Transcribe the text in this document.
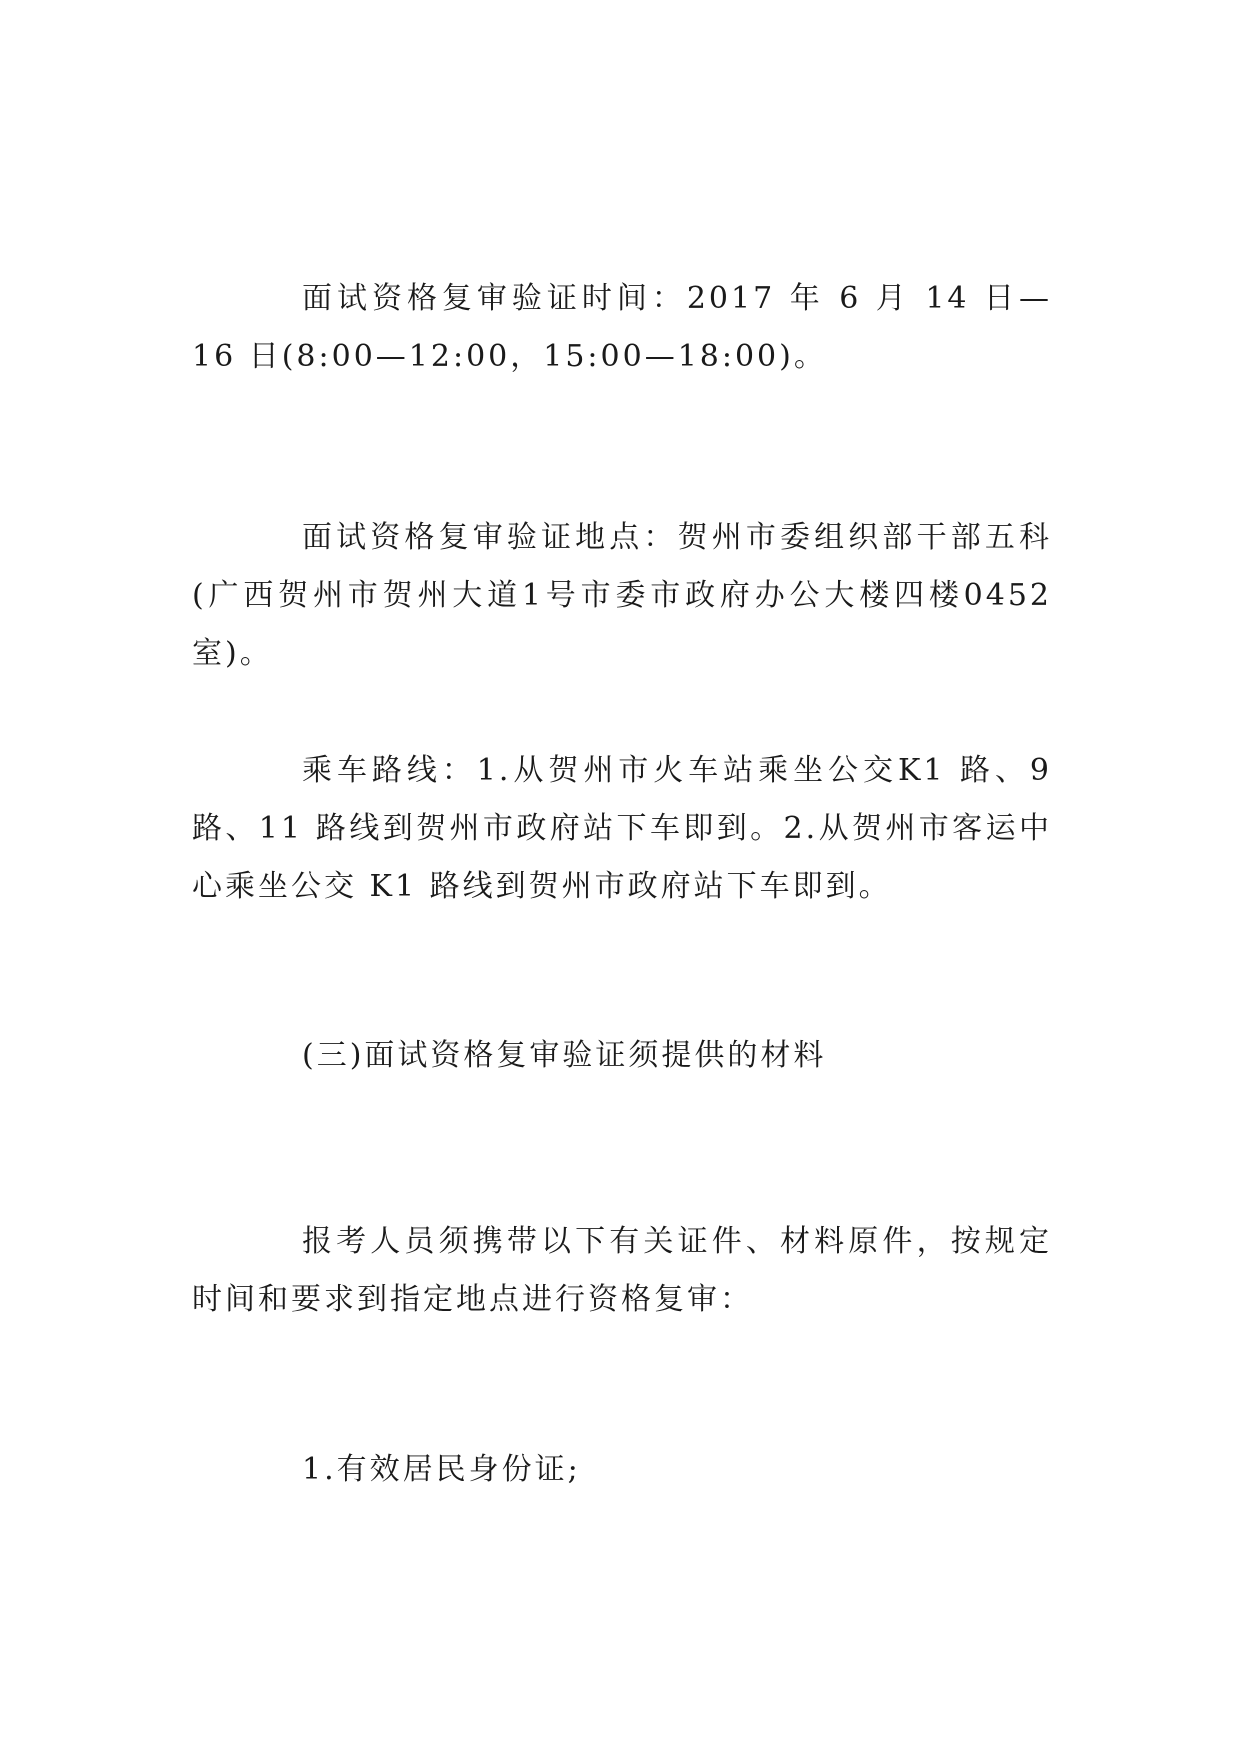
面试资格复审验证时间：2017 年 6 月 14 日—16 日(8:00—12:00，15:00—18:00)。

面试资格复审验证地点：贺州市委组织部干部五科(广西贺州市贺州大道1号市委市政府办公大楼四楼0452室)。

乘车路线：1.从贺州市火车站乘坐公交K1 路、9 路、11 路线到贺州市政府站下车即到。2.从贺州市客运中心乘坐公交 K1 路线到贺州市政府站下车即到。

(三)面试资格复审验证须提供的材料

报考人员须携带以下有关证件、材料原件，按规定时间和要求到指定地点进行资格复审：

1.有效居民身份证;
